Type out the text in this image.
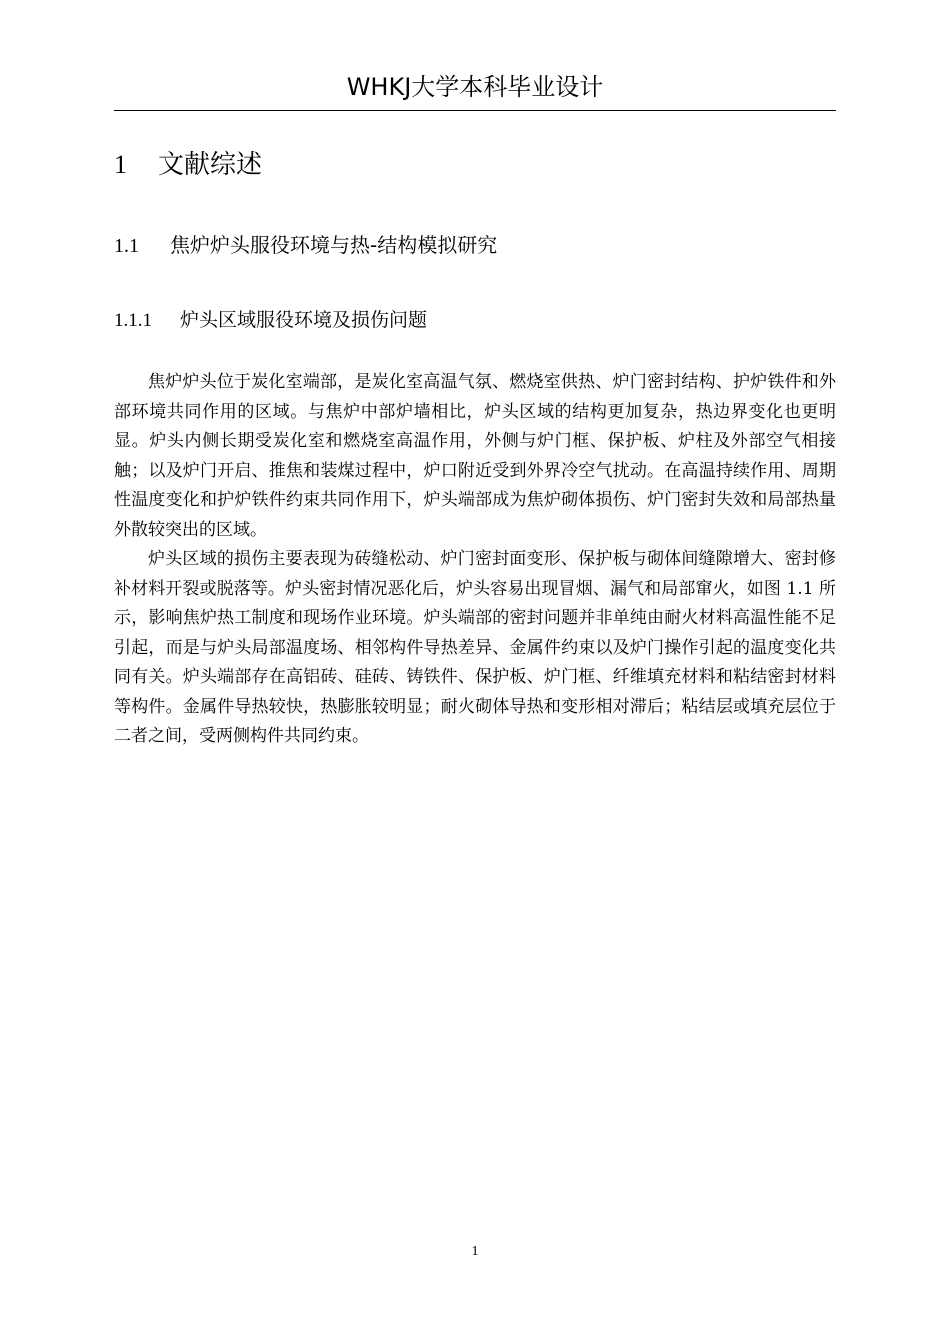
WHKJ大学本科毕业设计
1 文献综述
1.1 焦炉炉头服役环境与热-结构模拟研究
1.1.1 炉头区域服役环境及损伤问题

焦炉炉头位于炭化室端部，是炭化室高温气氛、燃烧室供热、炉门密封结构、护炉铁件和外部环境共同作用的区域。与焦炉中部炉墙相比，炉头区域的结构更加复杂，热边界变化也更明显。炉头内侧长期受炭化室和燃烧室高温作用，外侧与炉门框、保护板、炉柱及外部空气相接触；以及炉门开启、推焦和装煤过程中，炉口附近受到外界冷空气扰动。在高温持续作用、周期性温度变化和护炉铁件约束共同作用下，炉头端部成为焦炉砌体损伤、炉门密封失效和局部热量外散较突出的区域。

炉头区域的损伤主要表现为砖缝松动、炉门密封面变形、保护板与砌体间缝隙增大、密封修补材料开裂或脱落等。炉头密封情况恶化后，炉头容易出现冒烟、漏气和局部窜火，如图 1.1 所示，影响焦炉热工制度和现场作业环境。炉头端部的密封问题并非单纯由耐火材料高温性能不足引起，而是与炉头局部温度场、相邻构件导热差异、金属件约束以及炉门操作引起的温度变化共同有关。炉头端部存在高铝砖、硅砖、铸铁件、保护板、炉门框、纤维填充材料和粘结密封材料等构件。金属件导热较快，热膨胀较明显；耐火砌体导热和变形相对滞后；粘结层或填充层位于二者之间，受两侧构件共同约束。

1
